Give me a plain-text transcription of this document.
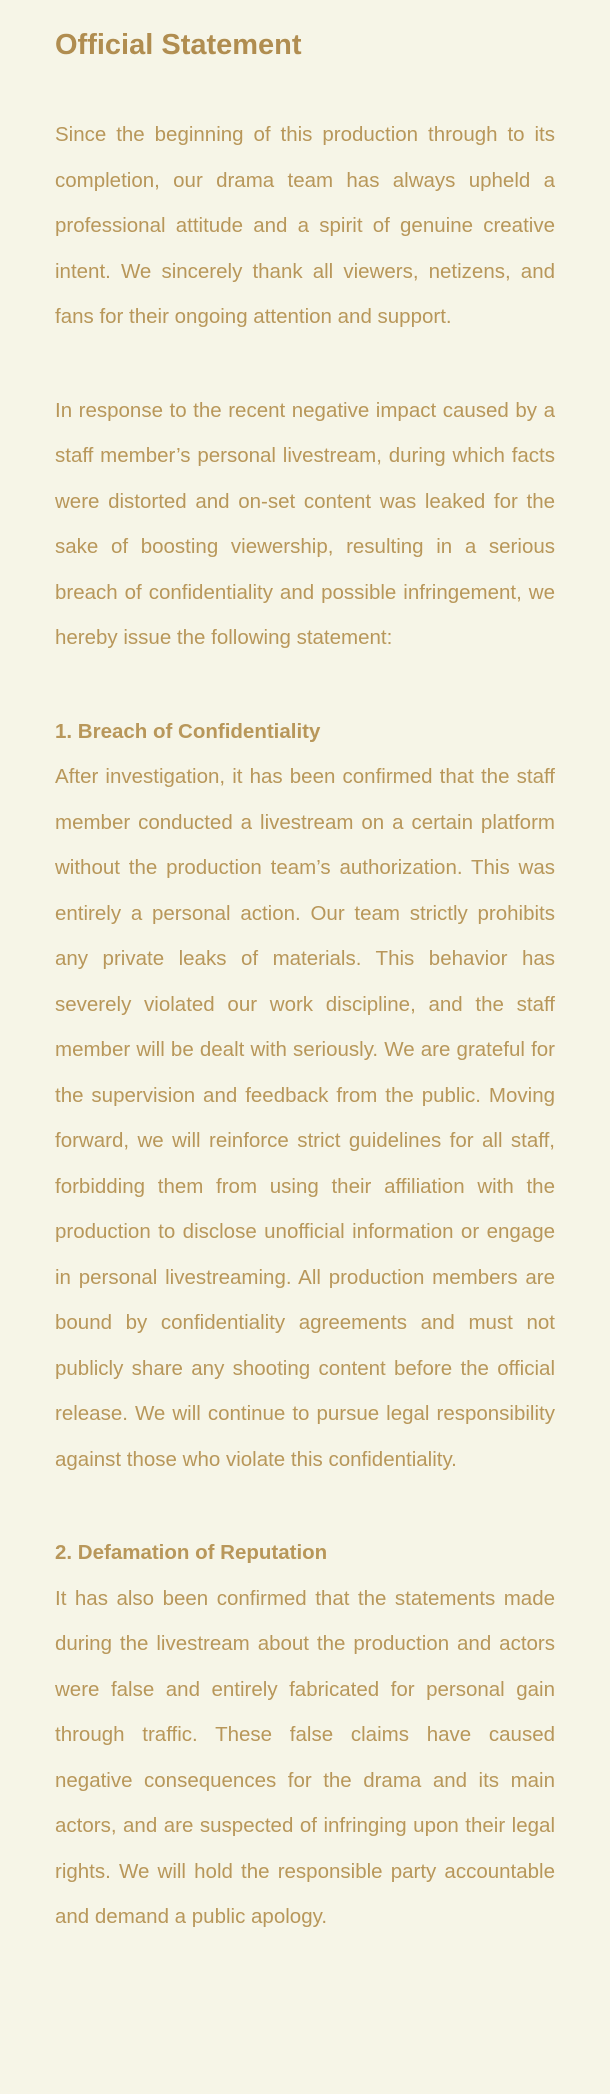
Official Statement

Since the beginning of this production through to its completion, our drama team has always upheld a professional attitude and a spirit of genuine creative intent. We sincerely thank all viewers, netizens, and fans for their ongoing attention and support.

In response to the recent negative impact caused by a staff member’s personal livestream, during which facts were distorted and on-set content was leaked for the sake of boosting viewership, resulting in a serious breach of confidentiality and possible infringement, we hereby issue the following statement:

1. Breach of Confidentiality

After investigation, it has been confirmed that the staff member conducted a livestream on a certain platform without the production team’s authorization. This was entirely a personal action. Our team strictly prohibits any private leaks of materials. This behavior has severely violated our work discipline, and the staff member will be dealt with seriously. We are grateful for the supervision and feedback from the public. Moving forward, we will reinforce strict guidelines for all staff, forbidding them from using their affiliation with the production to disclose unofficial information or engage in personal livestreaming. All production members are bound by confidentiality agreements and must not publicly share any shooting content before the official release. We will continue to pursue legal responsibility against those who violate this confidentiality.

2. Defamation of Reputation

It has also been confirmed that the statements made during the livestream about the production and actors were false and entirely fabricated for personal gain through traffic. These false claims have caused negative consequences for the drama and its main actors, and are suspected of infringing upon their legal rights. We will hold the responsible party accountable and demand a public apology.
